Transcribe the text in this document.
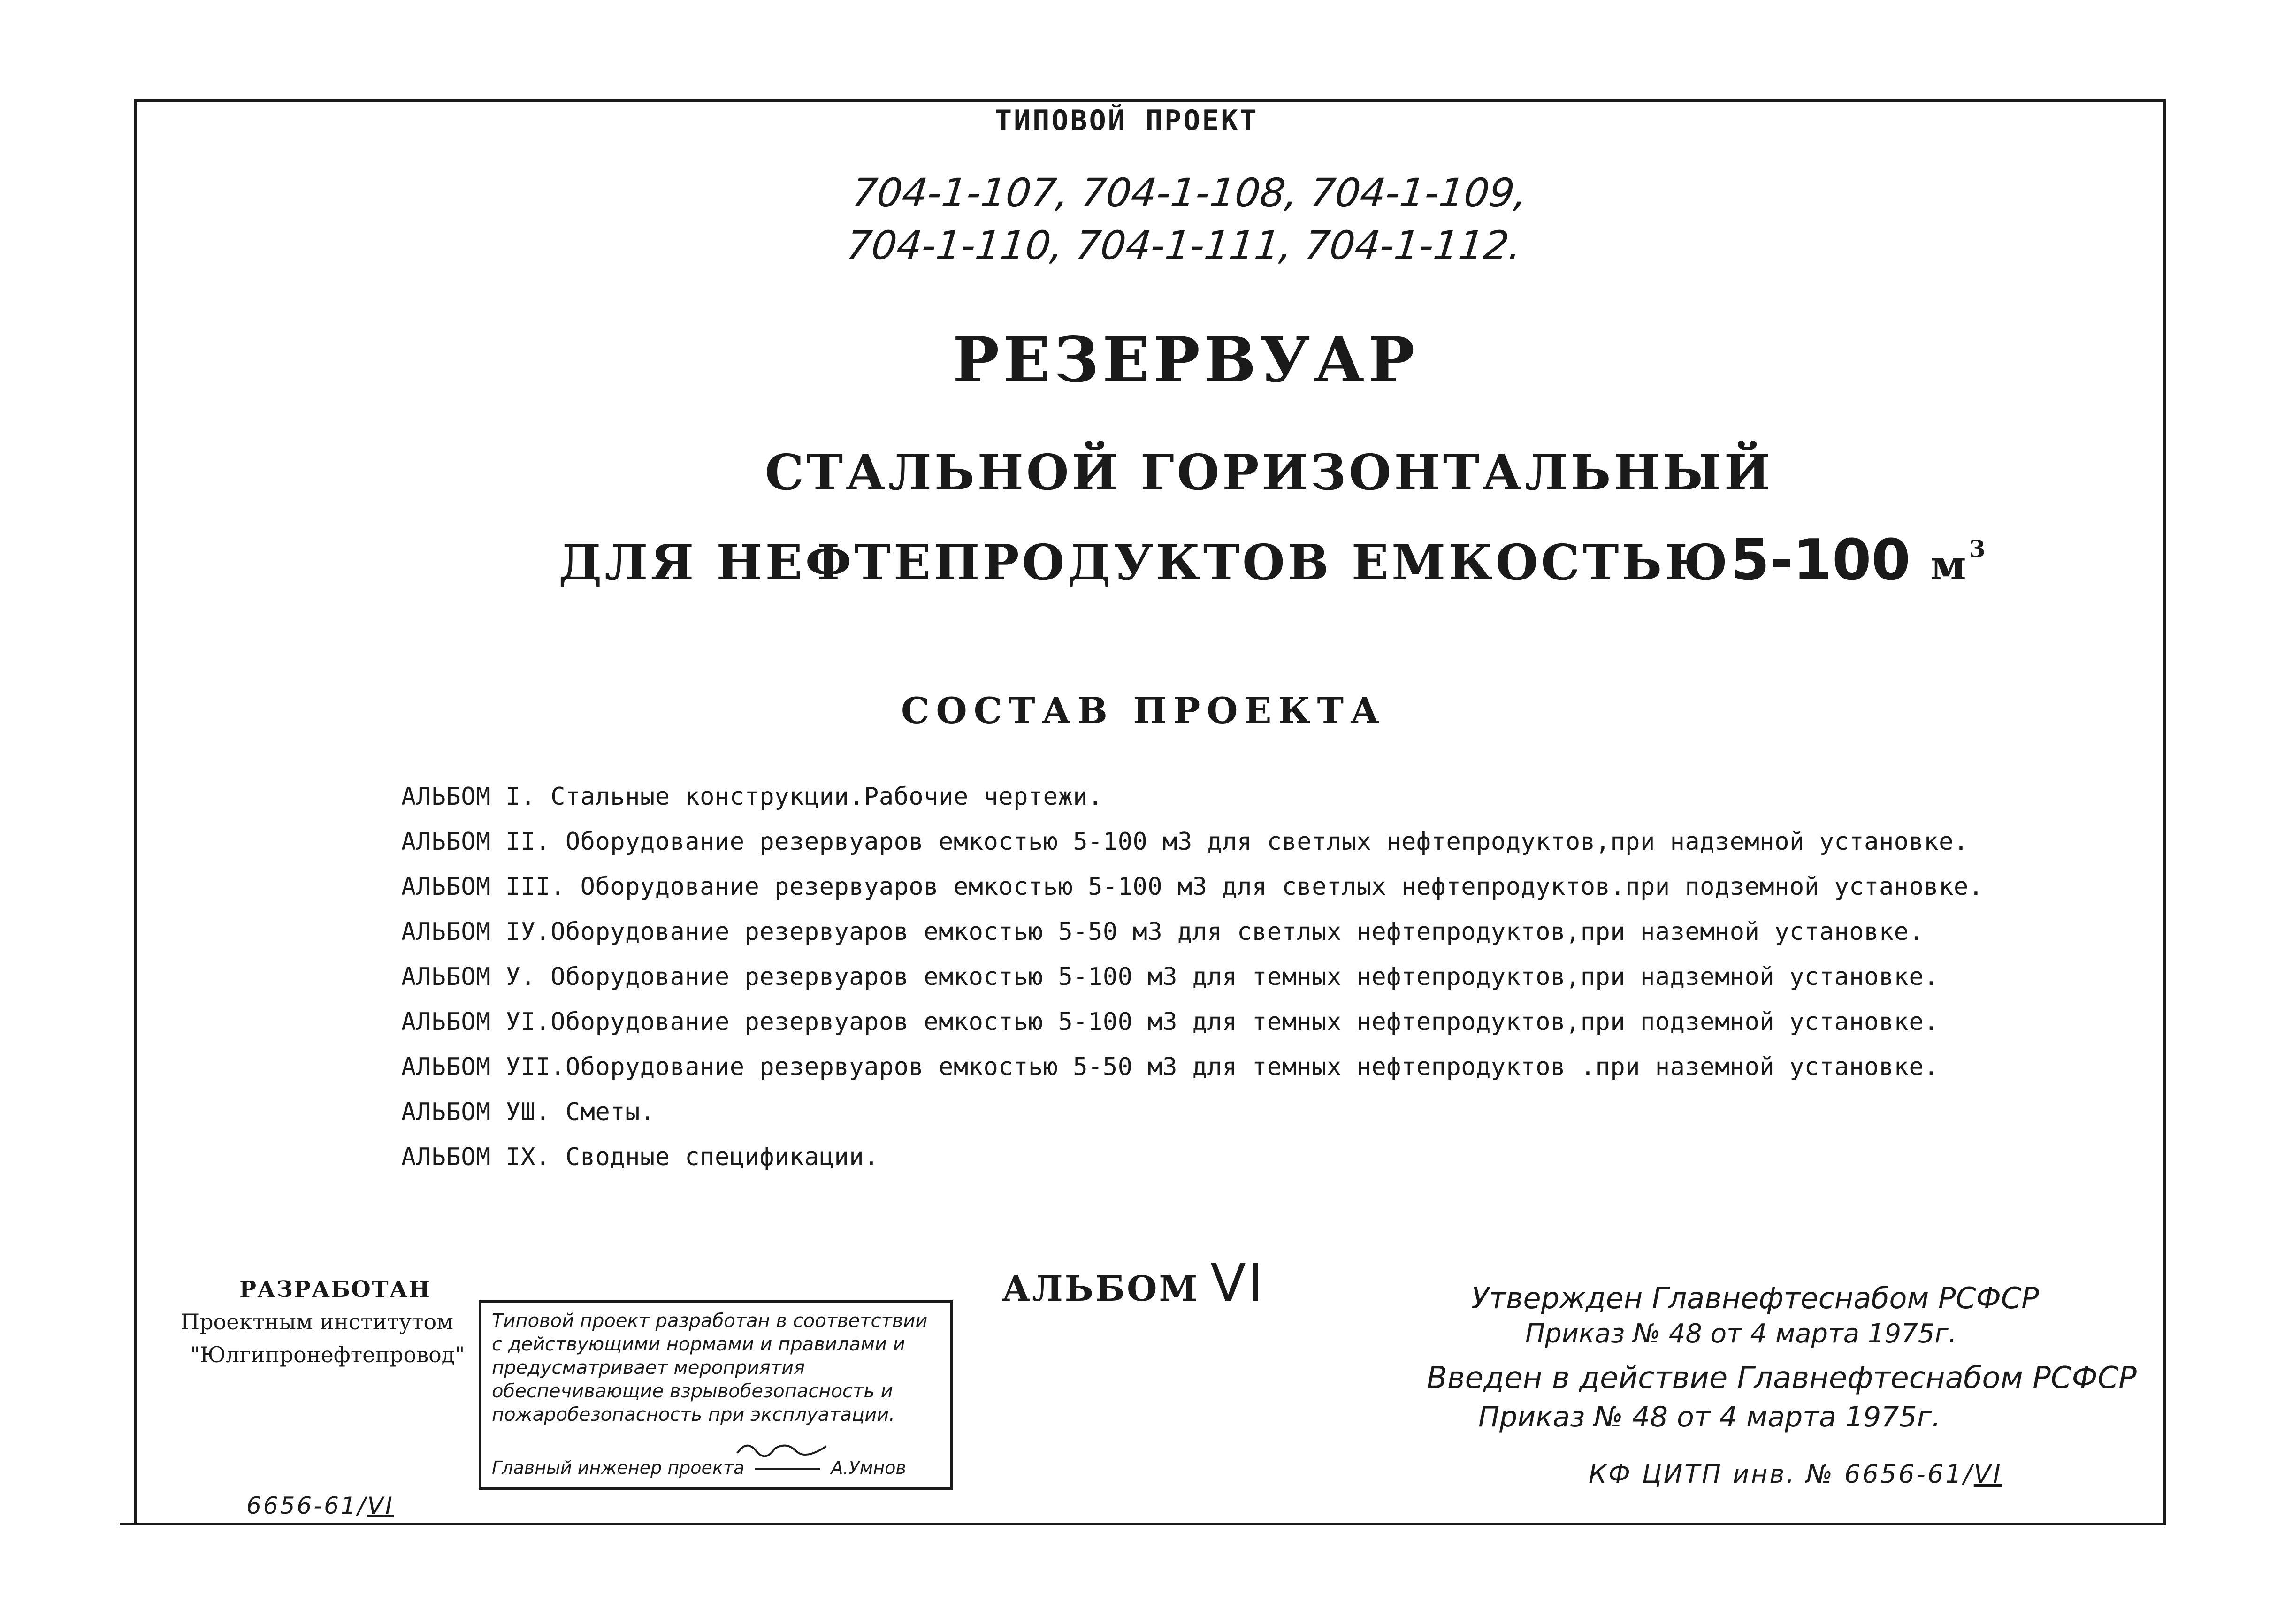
ТИПОВОЙ ПРОЕКТ
704-1-107, 704-1-108, 704-1-109,
704-1-110, 704-1-111, 704-1-112.
РЕЗЕРВУАР
СТАЛЬНОЙ ГОРИЗОНТАЛЬНЫЙ
ДЛЯ НЕФТЕПРОДУКТОВ ЕМКОСТЬЮ5-100 $м^3$
СОСТАВ ПРОЕКТА
АЛЬБОМ I. Стальные конструкции.Рабочие чертежи.
АЛЬБОМ II. Оборудование резервуаров емкостью 5-100 м3 для светлых нефтепродуктов,при надземной установке.
АЛЬБОМ III. Оборудование резервуаров емкостью 5-100 м3 для светлых нефтепродуктов.при подземной установке.
АЛЬБОМ IУ.Оборудование резервуаров емкостью 5-50 м3 для светлых нефтепродуктов,при наземной установке.
АЛЬБОМ У. Оборудование резервуаров емкостью 5-100 м3 для темных нефтепродуктов,при надземной установке.
АЛЬБОМ УI.Оборудование резервуаров емкостью 5-100 м3 для темных нефтепродуктов,при подземной установке.
АЛЬБОМ УII.Оборудование резервуаров емкостью 5-50 м3 для темных нефтепродуктов .при наземной установке.
АЛЬБОМ УШ. Сметы.
АЛЬБОМ IX. Сводные спецификации.
РАЗРАБОТАН
Проектным институтом
"Юлгипронефтепровод"
Типовой проект разработан в соответствии с действующими нормами и правилами и предусматривает мероприятия обеспечивающие взрывобезопасность и пожаробезопасность при эксплуатации.
Главный инженер проекта	А.Умнов
АЛЬБОМ VI	Утвержден Главнефтеснабом РСФСР
Приказ № 48 от 4 марта 1975г.
Введен в действие Главнефтеснабом РСФСР
Приказ № 48 от 4 марта 1975г.
КФ ЦИТП инв. № 6656-61/VI
6656-61/VI
